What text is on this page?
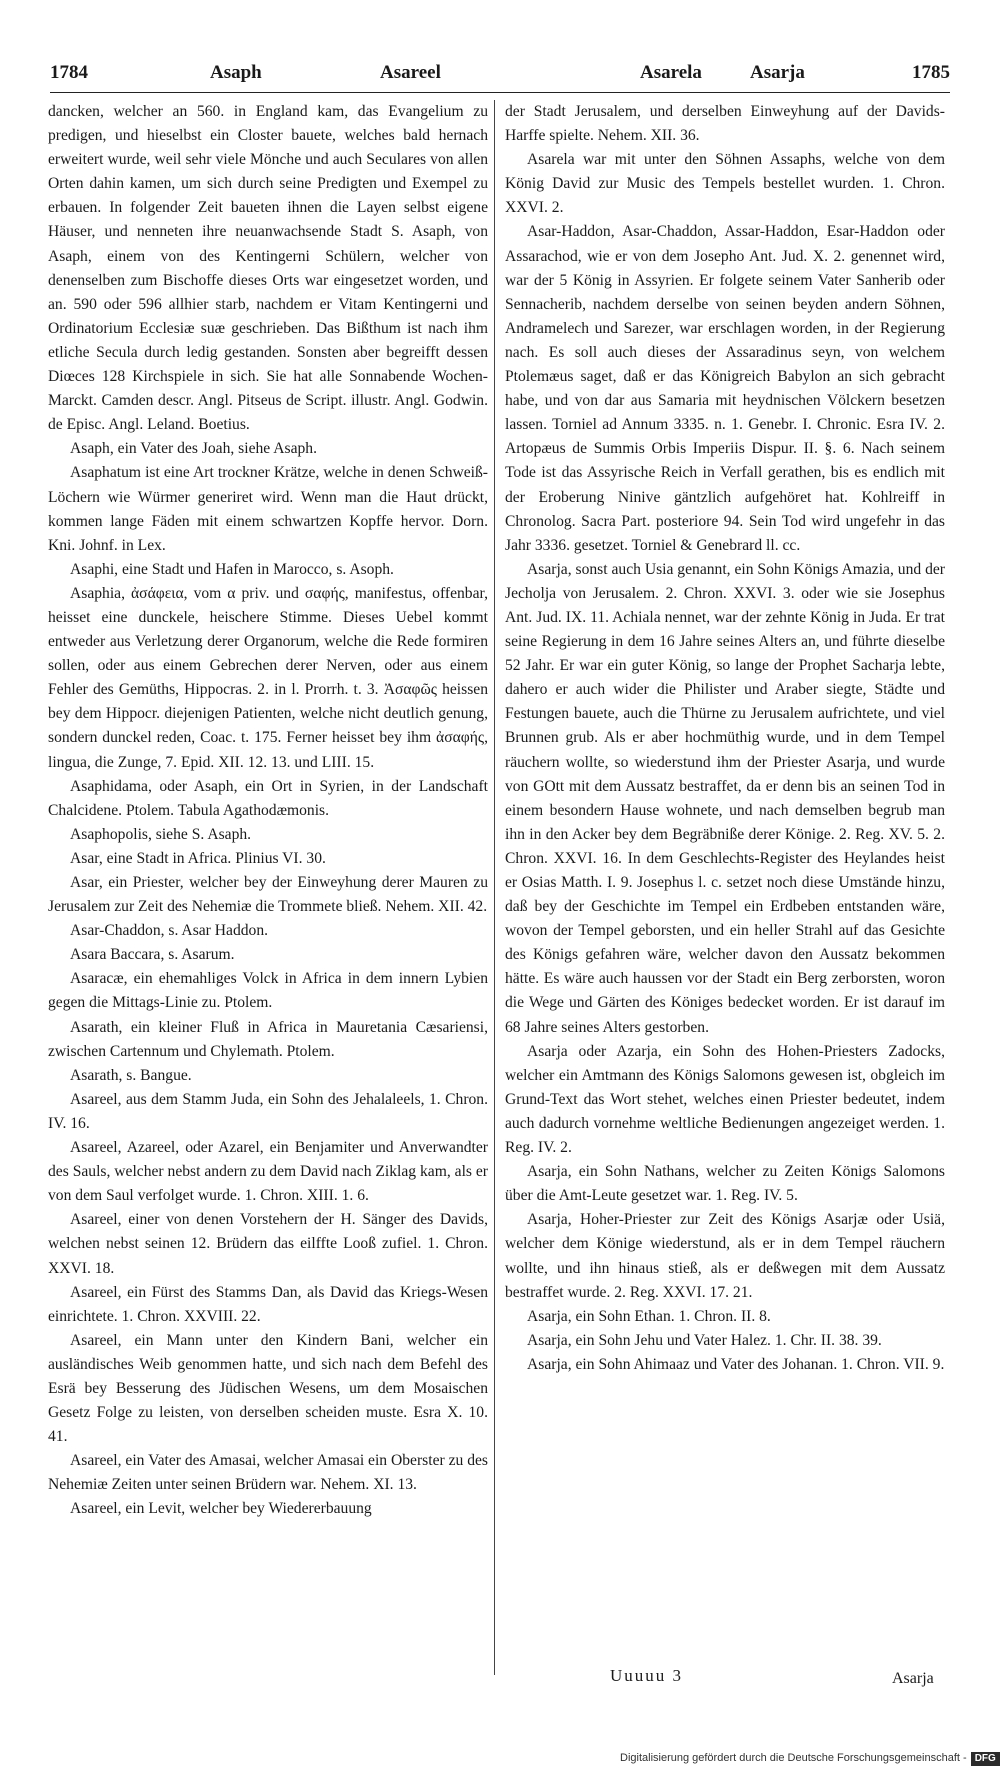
1784	Asaph	Asareel	Asarela	Asarja	1785

dancken, welcher an 560. in England kam, das Evangelium zu predigen, und hieselbst ein Closter bauete, welches bald hernach erweitert wurde, weil sehr viele Mönche und auch Seculares von allen Orten dahin kamen, um sich durch seine Predigten und Exempel zu erbauen. In folgender Zeit baueten ihnen die Layen selbst eigene Häuser, und nenneten ihre neuanwachsende Stadt S. Asaph, von Asaph, einem von des Kentingerni Schülern, welcher von denenselben zum Bischoffe dieses Orts war eingesetzet worden, und an. 590 oder 596 allhier starb, nachdem er Vitam Kentingerni und Ordinatorium Ecclesiæ suæ geschrieben. Das Bißthum ist nach ihm etliche Secula durch ledig gestanden. Sonsten aber begreifft dessen Diœces 128 Kirchspiele in sich. Sie hat alle Sonnabende Wochen-Marckt. Camden descr. Angl. Pitseus de Script. illustr. Angl. Godwin. de Episc. Angl. Leland. Boetius.

Asaph, ein Vater des Joah, siehe Asaph.

Asaphatum ist eine Art trockner Krätze, welche in denen Schweiß-Löchern wie Würmer generiret wird. Wenn man die Haut drückt, kommen lange Fäden mit einem schwartzen Kopffe hervor. Dorn. Kni. Johnf. in Lex.

Asaphi, eine Stadt und Hafen in Marocco, s. Asoph.

Asaphia, ἀσάφεια, vom α priv. und σαφής, manifestus, offenbar, heisset eine dunckele, heischere Stimme. Dieses Uebel kommt entweder aus Verletzung derer Organorum, welche die Rede formiren sollen, oder aus einem Gebrechen derer Nerven, oder aus einem Fehler des Gemüths, Hippocras. 2. in l. Prorrh. t. 3. Ἀσαφῶς heissen bey dem Hippocr. diejenigen Patienten, welche nicht deutlich genung, sondern dunckel reden, Coac. t. 175. Ferner heisset bey ihm ἀσαφής, lingua, die Zunge, 7. Epid. XII. 12. 13. und LIII. 15.

Asaphidama, oder Asaph, ein Ort in Syrien, in der Landschaft Chalcidene. Ptolem. Tabula Agathodæmonis.

Asaphopolis, siehe S. Asaph.

Asar, eine Stadt in Africa. Plinius VI. 30.

Asar, ein Priester, welcher bey der Einweyhung derer Mauren zu Jerusalem zur Zeit des Nehemiæ die Trommete bließ. Nehem. XII. 42.

Asar-Chaddon, s. Asar Haddon.

Asara Baccara, s. Asarum.

Asaracæ, ein ehemahliges Volck in Africa in dem innern Lybien gegen die Mittags-Linie zu. Ptolem.

Asarath, ein kleiner Fluß in Africa in Mauretania Cæsariensi, zwischen Cartennum und Chylemath. Ptolem.

Asarath, s. Bangue.

Asareel, aus dem Stamm Juda, ein Sohn des Jehalaleels, 1. Chron. IV. 16.

Asareel, Azareel, oder Azarel, ein Benjamiter und Anverwandter des Sauls, welcher nebst andern zu dem David nach Ziklag kam, als er von dem Saul verfolget wurde. 1. Chron. XIII. 1. 6.

Asareel, einer von denen Vorstehern der H. Sänger des Davids, welchen nebst seinen 12. Brüdern das eilffte Looß zufiel. 1. Chron. XXVI. 18.

Asareel, ein Fürst des Stamms Dan, als David das Kriegs-Wesen einrichtete. 1. Chron. XXVIII. 22.

Asareel, ein Mann unter den Kindern Bani, welcher ein ausländisches Weib genommen hatte, und sich nach dem Befehl des Esrä bey Besserung des Jüdischen Wesens, um dem Mosaischen Gesetz Folge zu leisten, von derselben scheiden muste. Esra X. 10. 41.

Asareel, ein Vater des Amasai, welcher Amasai ein Oberster zu des Nehemiæ Zeiten unter seinen Brüdern war. Nehem. XI. 13.

Asareel, ein Levit, welcher bey Wiedererbauung

der Stadt Jerusalem, und derselben Einweyhung auf der Davids-Harffe spielte. Nehem. XII. 36.

Asarela war mit unter den Söhnen Assaphs, welche von dem König David zur Music des Tempels bestellet wurden. 1. Chron. XXVI. 2.

Asar-Haddon, Asar-Chaddon, Assar-Haddon, Esar-Haddon oder Assarachod, wie er von dem Josepho Ant. Jud. X. 2. genennet wird, war der 5 König in Assyrien. Er folgete seinem Vater Sanherib oder Sennacherib, nachdem derselbe von seinen beyden andern Söhnen, Andramelech und Sarezer, war erschlagen worden, in der Regierung nach. Es soll auch dieses der Assaradinus seyn, von welchem Ptolemæus saget, daß er das Königreich Babylon an sich gebracht habe, und von dar aus Samaria mit heydnischen Völckern besetzen lassen. Torniel ad Annum 3335. n. 1. Genebr. I. Chronic. Esra IV. 2. Artopæus de Summis Orbis Imperiis Dispur. II. §. 6. Nach seinem Tode ist das Assyrische Reich in Verfall gerathen, bis es endlich mit der Eroberung Ninive gäntzlich aufgehöret hat. Kohlreiff in Chronolog. Sacra Part. posteriore 94. Sein Tod wird ungefehr in das Jahr 3336. gesetzet. Torniel & Genebrard ll. cc.

Asarja, sonst auch Usia genannt, ein Sohn Königs Amazia, und der Jecholja von Jerusalem. 2. Chron. XXVI. 3. oder wie sie Josephus Ant. Jud. IX. 11. Achiala nennet, war der zehnte König in Juda. Er trat seine Regierung in dem 16 Jahre seines Alters an, und führte dieselbe 52 Jahr. Er war ein guter König, so lange der Prophet Sacharja lebte, dahero er auch wider die Philister und Araber siegte, Städte und Festungen bauete, auch die Thürne zu Jerusalem aufrichtete, und viel Brunnen grub. Als er aber hochmüthig wurde, und in dem Tempel räuchern wollte, so wiederstund ihm der Priester Asarja, und wurde von GOtt mit dem Aussatz bestraffet, da er denn bis an seinen Tod in einem besondern Hause wohnete, und nach demselben begrub man ihn in den Acker bey dem Begräbniße derer Könige. 2. Reg. XV. 5. 2. Chron. XXVI. 16. In dem Geschlechts-Register des Heylandes heist er Osias Matth. I. 9. Josephus l. c. setzet noch diese Umstände hinzu, daß bey der Geschichte im Tempel ein Erdbeben entstanden wäre, wovon der Tempel geborsten, und ein heller Strahl auf das Gesichte des Königs gefahren wäre, welcher davon den Aussatz bekommen hätte. Es wäre auch haussen vor der Stadt ein Berg zerborsten, woron die Wege und Gärten des Königes bedecket worden. Er ist darauf im 68 Jahre seines Alters gestorben.

Asarja oder Azarja, ein Sohn des Hohen-Priesters Zadocks, welcher ein Amtmann des Königs Salomons gewesen ist, obgleich im Grund-Text das Wort stehet, welches einen Priester bedeutet, indem auch dadurch vornehme weltliche Bedienungen angezeiget werden. 1. Reg. IV. 2.

Asarja, ein Sohn Nathans, welcher zu Zeiten Königs Salomons über die Amt-Leute gesetzet war. 1. Reg. IV. 5.

Asarja, Hoher-Priester zur Zeit des Königs Asarjæ oder Usiä, welcher dem Könige wiederstund, als er in dem Tempel räuchern wollte, und ihn hinaus stieß, als er deßwegen mit dem Aussatz bestraffet wurde. 2. Reg. XXVI. 17. 21.

Asarja, ein Sohn Ethan. 1. Chron. II. 8.

Asarja, ein Sohn Jehu und Vater Halez. 1. Chr. II. 38. 39.

Asarja, ein Sohn Ahimaaz und Vater des Johanan. 1. Chron. VII. 9.

Uuuuu 3	Asarja
Digitalisierung gefördert durch die Deutsche Forschungsgemeinschaft - DFG
